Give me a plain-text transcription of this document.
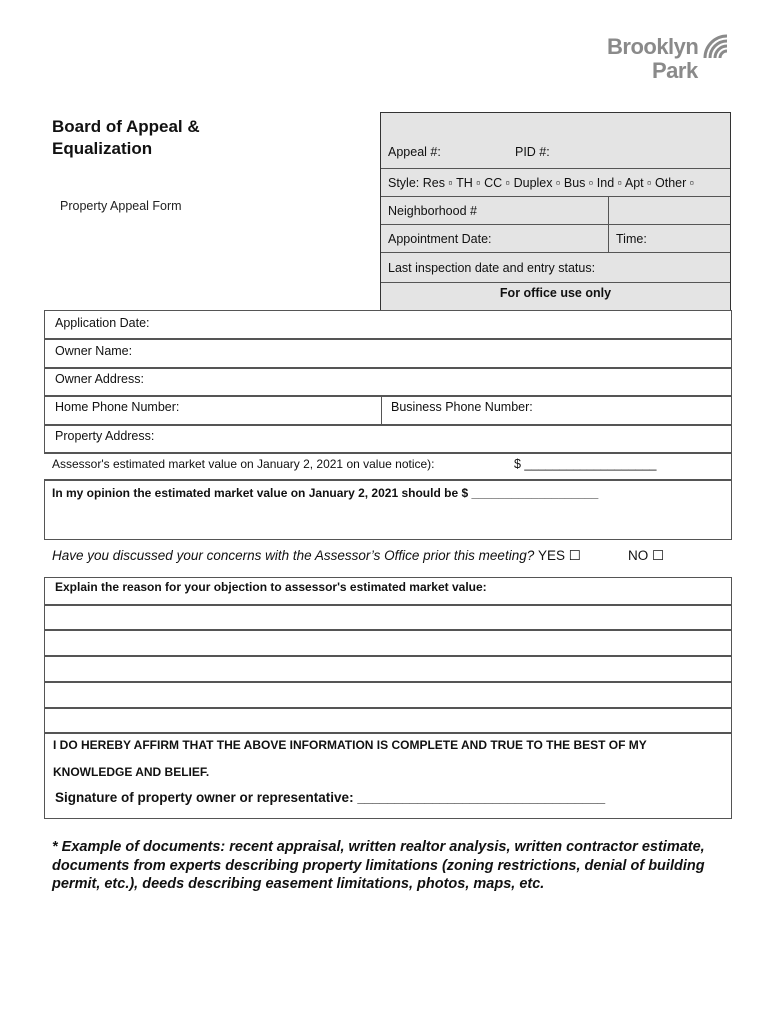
Brooklyn
Park
Board of Appeal &
Equalization
Property Appeal Form
Appeal #:	PID #:
Style: Res ▫ TH ▫ CC ▫ Duplex ▫ Bus ▫ Ind ▫ Apt ▫ Other ▫
Neighborhood #
Appointment Date:	Time:
Last inspection date and entry status:
For office use only
Application Date:
Owner Name:
Owner Address:
Home Phone Number:	Business Phone Number:
Property Address:
Assessor's estimated market value on January 2, 2021 on value notice):	$ ___________________
In my opinion the estimated market value on January 2, 2021 should be $ ___________________
Have you discussed your concerns with the Assessor’s Office prior this meeting? YES ☐	NO ☐
Explain the reason for your objection to assessor's estimated market value:
I DO HEREBY AFFIRM THAT THE ABOVE INFORMATION IS COMPLETE AND TRUE TO THE BEST OF MY
KNOWLEDGE AND BELIEF.
Signature of property owner or representative: _________________________________
* Example of documents: recent appraisal, written realtor analysis, written contractor estimate, documents from experts describing property limitations (zoning restrictions, denial of building permit, etc.), deeds describing easement limitations, photos, maps, etc.
